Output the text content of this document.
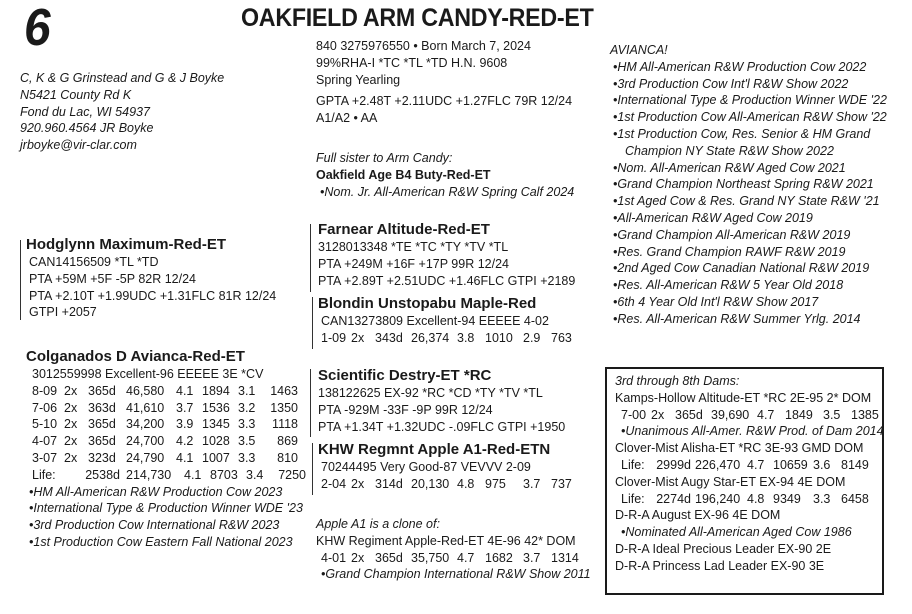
6	OAKFIELD ARM CANDY-RED-ET
C, K & G Grinstead and G & J Boyke
N5421 County Rd K
Fond du Lac, WI 54937
920.960.4564 JR Boyke
jrboyke@vir-clar.com
840 3275976550 • Born March 7, 2024
99%RHA-I *TC *TL *TD H.N. 9608
Spring Yearling
GPTA +2.48T +2.11UDC +1.27FLC 79R 12/24
A1/A2 • AA
Full sister to Arm Candy:
Oakfield Age B4 Buty-Red-ET
•Nom. Jr. All-American R&W Spring Calf 2024
Farnear Altitude-Red-ET
3128013348 *TE *TC *TY *TV *TL
PTA +249M +16F +17P 99R 12/24
PTA +2.89T +2.51UDC +1.46FLC GTPI +2189
Blondin Unstopabu Maple-Red
CAN13273809 Excellent-94 EEEEE 4-02
1-09 2x 343d 26,374 3.8 1010 2.9 763
Scientific Destry-ET *RC
138122625 EX-92 *RC *CD *TY *TV *TL
PTA -929M -33F -9P 99R 12/24
PTA +1.34T +1.32UDC -.09FLC GTPI +1950
KHW Regmnt Apple A1-Red-ETN
70244495 Very Good-87 VEVVV 2-09
2-04 2x 314d 20,130 4.8 975	3.7 737
Apple A1 is a clone of:
KHW Regiment Apple-Red-ET 4E-96 42* DOM
4-01 2x 365d 35,750 4.7 1682 3.7 1314
•Grand Champion International R&W Show 2011
Hodglynn Maximum-Red-ET
CAN14156509 *TL *TD
PTA +59M +5F -5P 82R 12/24
PTA +2.10T +1.99UDC +1.31FLC 81R 12/24
GTPI +2057
Colganados D Avianca-Red-ET
3012559998 Excellent-96 EEEEE 3E *CV
8-09 2x 365d 46,580 4.1 1894 3.1	1463
7-06 2x 363d 41,610 3.7 1536 3.2	1350
5-10 2x 365d 34,200 3.9 1345 3.3	1118
4-07 2x 365d 24,700 4.2 1028 3.5	869
3-07 2x 323d 24,790 4.1 1007 3.3	810
Life:	2538d 214,730	4.1 8703 3.4	7250
•HM All-American R&W Production Cow 2023
•International Type & Production Winner WDE '23
•3rd Production Cow International R&W 2023
•1st Production Cow Eastern Fall National 2023
AVIANCA!
•HM All-American R&W Production Cow 2022
•3rd Production Cow Int'l R&W Show 2022
•International Type & Production Winner WDE '22
•1st Production Cow All-American R&W Show '22
•1st Production Cow, Res. Senior & HM Grand
Champion NY State R&W Show 2022
•Nom. All-American R&W Aged Cow 2021
•Grand Champion Northeast Spring R&W 2021
•1st Aged Cow & Res. Grand NY State R&W '21
•All-American R&W Aged Cow 2019
•Grand Champion All-American R&W 2019
•Res. Grand Champion RAWF R&W 2019
•2nd Aged Cow Canadian National R&W 2019
•Res. All-American R&W 5 Year Old 2018
•6th 4 Year Old Int'l R&W Show 2017
•Res. All-American R&W Summer Yrlg. 2014
3rd through 8th Dams:
Kamps-Hollow Altitude-ET *RC 2E-95 2* DOM
7-00 2x 365d 39,690 4.7 1849 3.5 1385
•Unanimous All-Amer. R&W Prod. of Dam 2014
Clover-Mist Alisha-ET *RC 3E-93 GMD DOM
Life: 2999d 226,470 4.7 10659 3.6 8149
Clover-Mist Augy Star-ET EX-94 4E DOM
Life: 2274d 196,240 4.8 9349 3.3 6458
D-R-A August EX-96 4E DOM
•Nominated All-American Aged Cow 1986
D-R-A Ideal Precious Leader EX-90 2E
D-R-A Princess Lad Leader EX-90 3E
